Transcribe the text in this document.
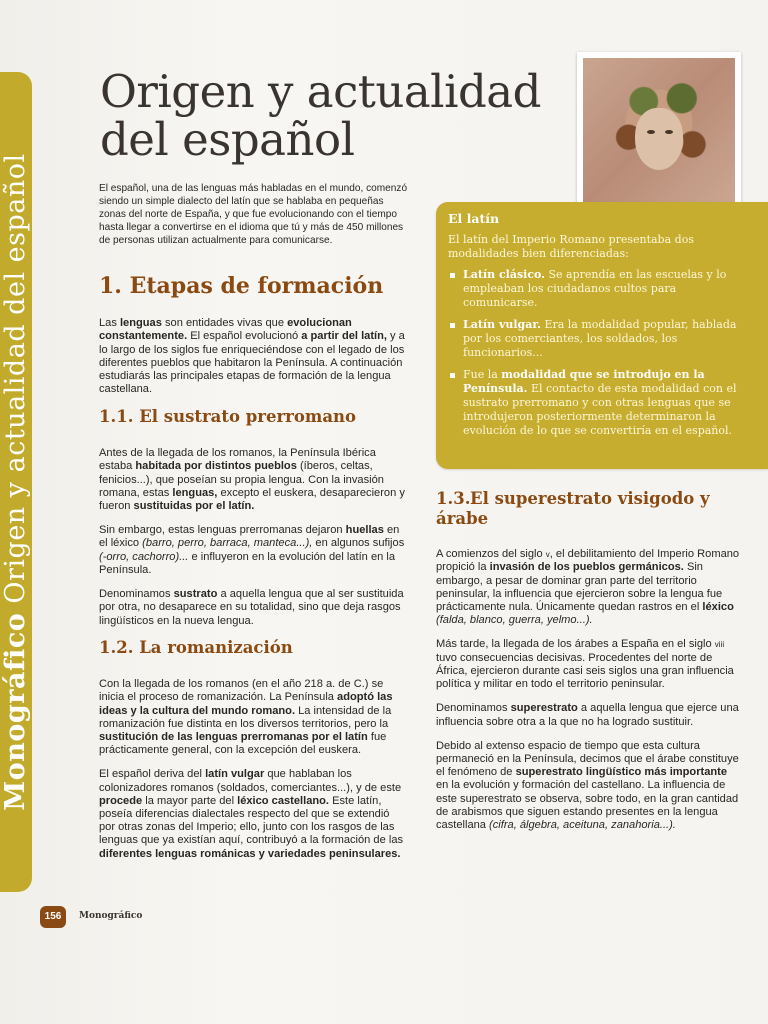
Monográfico Origen y actualidad del español
Origen y actualidad
del español

El español, una de las lenguas más habladas en el mundo, comenzó siendo un simple dialecto del latín que se hablaba en pequeñas zonas del norte de España, y que fue evolucionando con el tiempo hasta llegar a convertirse en el idioma que tú y más de 450 millones de personas utilizan actualmente para comunicarse.

1. Etapas de formación

Las lenguas son entidades vivas que evolucionan constantemente. El español evolucionó a partir del latín, y a lo largo de los siglos fue enriqueciéndose con el legado de los diferentes pueblos que habitaron la Península. A continuación estudiarás las principales etapas de formación de la lengua castellana.

1.1. El sustrato prerromano

Antes de la llegada de los romanos, la Península Ibérica estaba habitada por distintos pueblos (íberos, celtas, fenicios...), que poseían su propia lengua. Con la invasión romana, estas lenguas, excepto el euskera, desaparecieron y fueron sustituidas por el latín.

Sin embargo, estas lenguas prerromanas dejaron huellas en el léxico (barro, perro, barraca, manteca...), en algunos sufijos (-orro, cachorro)... e influyeron en la evolución del latín en la Península.

Denominamos sustrato a aquella lengua que al ser sustituida por otra, no desaparece en su totalidad, sino que deja rasgos lingüísticos en la nueva lengua.

1.2. La romanización

Con la llegada de los romanos (en el año 218 a. de C.) se inicia el proceso de romanización. La Península adoptó las ideas y la cultura del mundo romano. La intensidad de la romanización fue distinta en los diversos territorios, pero la sustitución de las lenguas prerromanas por el latín fue prácticamente general, con la excepción del euskera.

El español deriva del latín vulgar que hablaban los colonizadores romanos (soldados, comerciantes...), y de este procede la mayor parte del léxico castellano. Este latín, poseía diferencias dialectales respecto del que se extendió por otras zonas del Imperio; ello, junto con los rasgos de las lenguas que ya existían aquí, contribuyó a la formación de las diferentes lenguas románicas y variedades peninsulares.

El latín
El latín del Imperio Romano presentaba dos modalidades bien diferenciadas:
Latín clásico. Se aprendía en las escuelas y lo empleaban los ciudadanos cultos para comunicarse.
Latín vulgar. Era la modalidad popular, hablada por los comerciantes, los soldados, los funcionarios...
Fue la modalidad que se introdujo en la Península. El contacto de esta modalidad con el sustrato prerromano y con otras lenguas que se introdujeron posteriormente determinaron la evolución de lo que se convertiría en el español.
1.3.El superestrato visigodo y árabe

A comienzos del siglo v, el debilitamiento del Imperio Romano propició la invasión de los pueblos germánicos. Sin embargo, a pesar de dominar gran parte del territorio peninsular, la influencia que ejercieron sobre la lengua fue prácticamente nula. Únicamente quedan rastros en el léxico (falda, blanco, guerra, yelmo...).

Más tarde, la llegada de los árabes a España en el siglo viii tuvo consecuencias decisivas. Procedentes del norte de África, ejercieron durante casi seis siglos una gran influencia política y militar en todo el territorio peninsular.

Denominamos superestrato a aquella lengua que ejerce una influencia sobre otra a la que no ha logrado sustituir.

Debido al extenso espacio de tiempo que esta cultura permaneció en la Península, decimos que el árabe constituye el fenómeno de superestrato lingüístico más importante en la evolución y formación del castellano. La influencia de este superestrato se observa, sobre todo, en la gran cantidad de arabismos que siguen estando presentes en la lengua castellana (cifra, álgebra, aceituna, zanahoria...).

156	Monográfico
